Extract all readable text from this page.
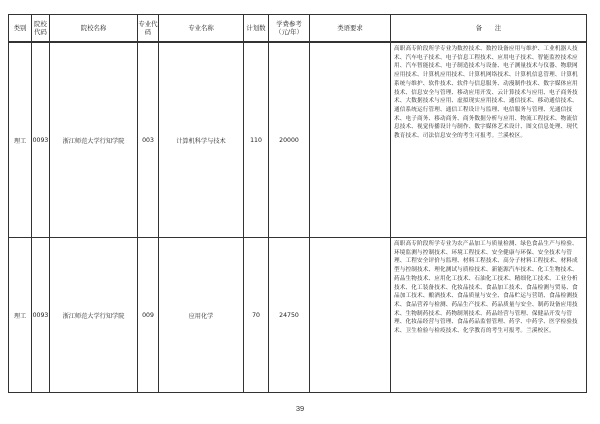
类别	院校代码	院校名称	专业代码	专业名称	计划数	学费参考（元/年）	类语要求	备　　注
理工	0093	浙江师范大学行知学院	003	计算机科学与技术	110	20000		高职高专阶段所学专业为数控技术、数控设备应用与维护、工业机器人技术、汽车电子技术、电子信息工程技术、应用电子技术、智能监控技术应用、汽车智能技术、电子制造技术与设备、电子测量技术与仪器、物联网应用技术、计算机应用技术、计算机网络技术、计算机信息管理、计算机系统与维护、软件技术、软件与信息服务、动漫制作技术、数字媒体应用技术、信息安全与管理、移动应用开发、云计算技术与应用、电子商务技术、大数据技术与应用、虚拟现实应用技术、通信技术、移动通信技术、通信系统运行管理、通信工程设计与监理、电信服务与管理、光通信技术、电子商务、移动商务、商务数据分析与应用、物流工程技术、物流信息技术、视觉传播设计与制作、数字媒体艺术设计、图文信息处理、现代教育技术、司法信息安全的考生可报考。兰溪校区。
理工	0093	浙江师范大学行知学院	009	应用化学	70	24750		高职高专阶段所学专业为农产品加工与质量检测、绿色食品生产与检验、环境监测与控制技术、环境工程技术、安全健康与环保、安全技术与管理、工程安全评价与监理、材料工程技术、高分子材料工程技术、材料成型与控制技术、理化测试与质检技术、新能源汽车技术、化工生物技术、药品生物技术、应用化工技术、石油化工技术、精细化工技术、工业分析技术、化工装备技术、化妆品技术、食品加工技术、食品检测与贸易、食品加工技术、酿酒技术、食品质量与安全、食品贮运与营销、食品检测技术、食品营养与检测、药品生产技术、药品质量与安全、制药设备应用技术、生物制药技术、药物制剂技术、药品经营与管理、保健品开发与管理、化妆品经营与管理、食品药品监督管理、药学、中药学、医学检验技术、卫生检验与检疫技术、化学教育的考生可报考。兰溪校区。
39
